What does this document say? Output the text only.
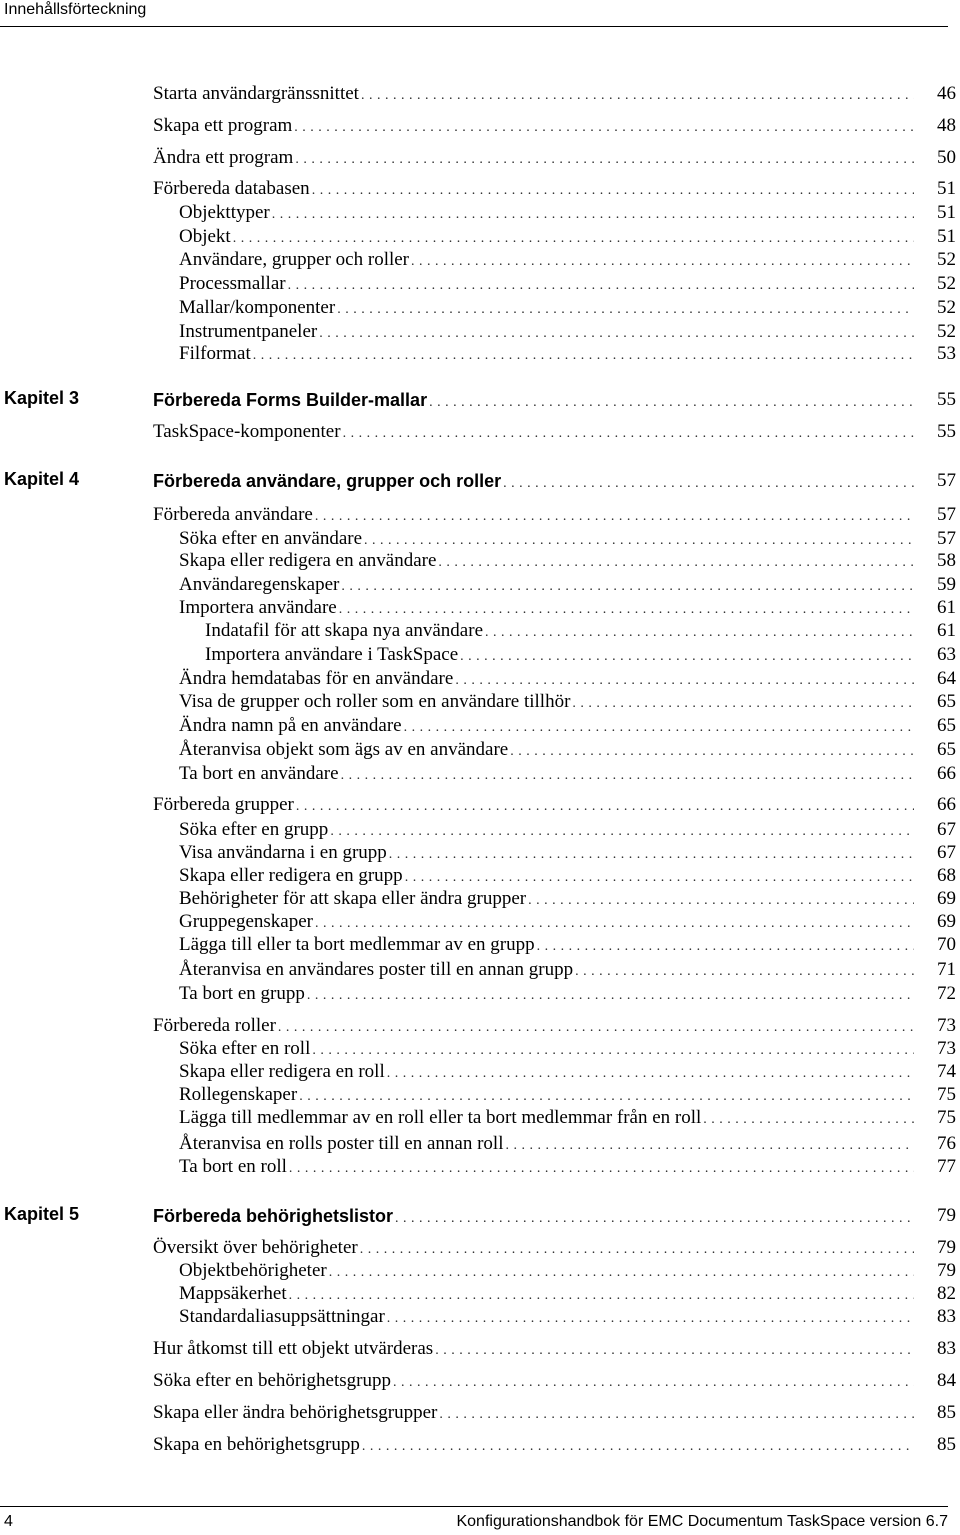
Innehållsförteckning
Starta användargränssnittet . . .	46
Skapa ett program . . .	48
Ändra ett program . . .	50
Förbereda databasen . . .	51
Objekttyper . . .	51
Objekt . . .	51
Användare, grupper och roller . . .	52
Processmallar . . .	52
Mallar/komponenter . . .	52
Instrumentpaneler . . .	52
Filformat . . .	53
Kapitel 3	Förbereda Forms Builder-mallar . . .	55
TaskSpace-komponenter . . .	55
Kapitel 4	Förbereda användare, grupper och roller . . .	57
Förbereda användare . . .	57
Söka efter en användare . . .	57
Skapa eller redigera en användare . . .	58
Användaregenskaper . . .	59
Importera användare . . .	61
Indatafil för att skapa nya användare . . .	61
Importera användare i TaskSpace . . .	63
Ändra hemdatabas för en användare . . .	64
Visa de grupper och roller som en användare tillhör . . .	65
Ändra namn på en användare . . .	65
Återanvisa objekt som ägs av en användare . . .	65
Ta bort en användare . . .	66
Förbereda grupper . . .	66
Söka efter en grupp . . .	67
Visa användarna i en grupp . . .	67
Skapa eller redigera en grupp . . .	68
Behörigheter för att skapa eller ändra grupper . . .	69
Gruppegenskaper . . .	69
Lägga till eller ta bort medlemmar av en grupp . . .	70
Återanvisa en användares poster till en annan grupp . . .	71
Ta bort en grupp . . .	72
Förbereda roller . . .	73
Söka efter en roll . . .	73
Skapa eller redigera en roll . . .	74
Rollegenskaper . . .	75
Lägga till medlemmar av en roll eller ta bort medlemmar från en roll . . .	75
Återanvisa en rolls poster till en annan roll . . .	76
Ta bort en roll . . .	77
Kapitel 5	Förbereda behörighetslistor . . .	79
Översikt över behörigheter . . .	79
Objektbehörigheter . . .	79
Mappsäkerhet . . .	82
Standardaliasuppsättningar . . .	83
Hur åtkomst till ett objekt utvärderas . . .	83
Söka efter en behörighetsgrupp . . .	84
Skapa eller ändra behörighetsgrupper . . .	85
Skapa en behörighetsgrupp . . .	85
4	Konfigurationshandbok för EMC Documentum TaskSpace version 6.7
